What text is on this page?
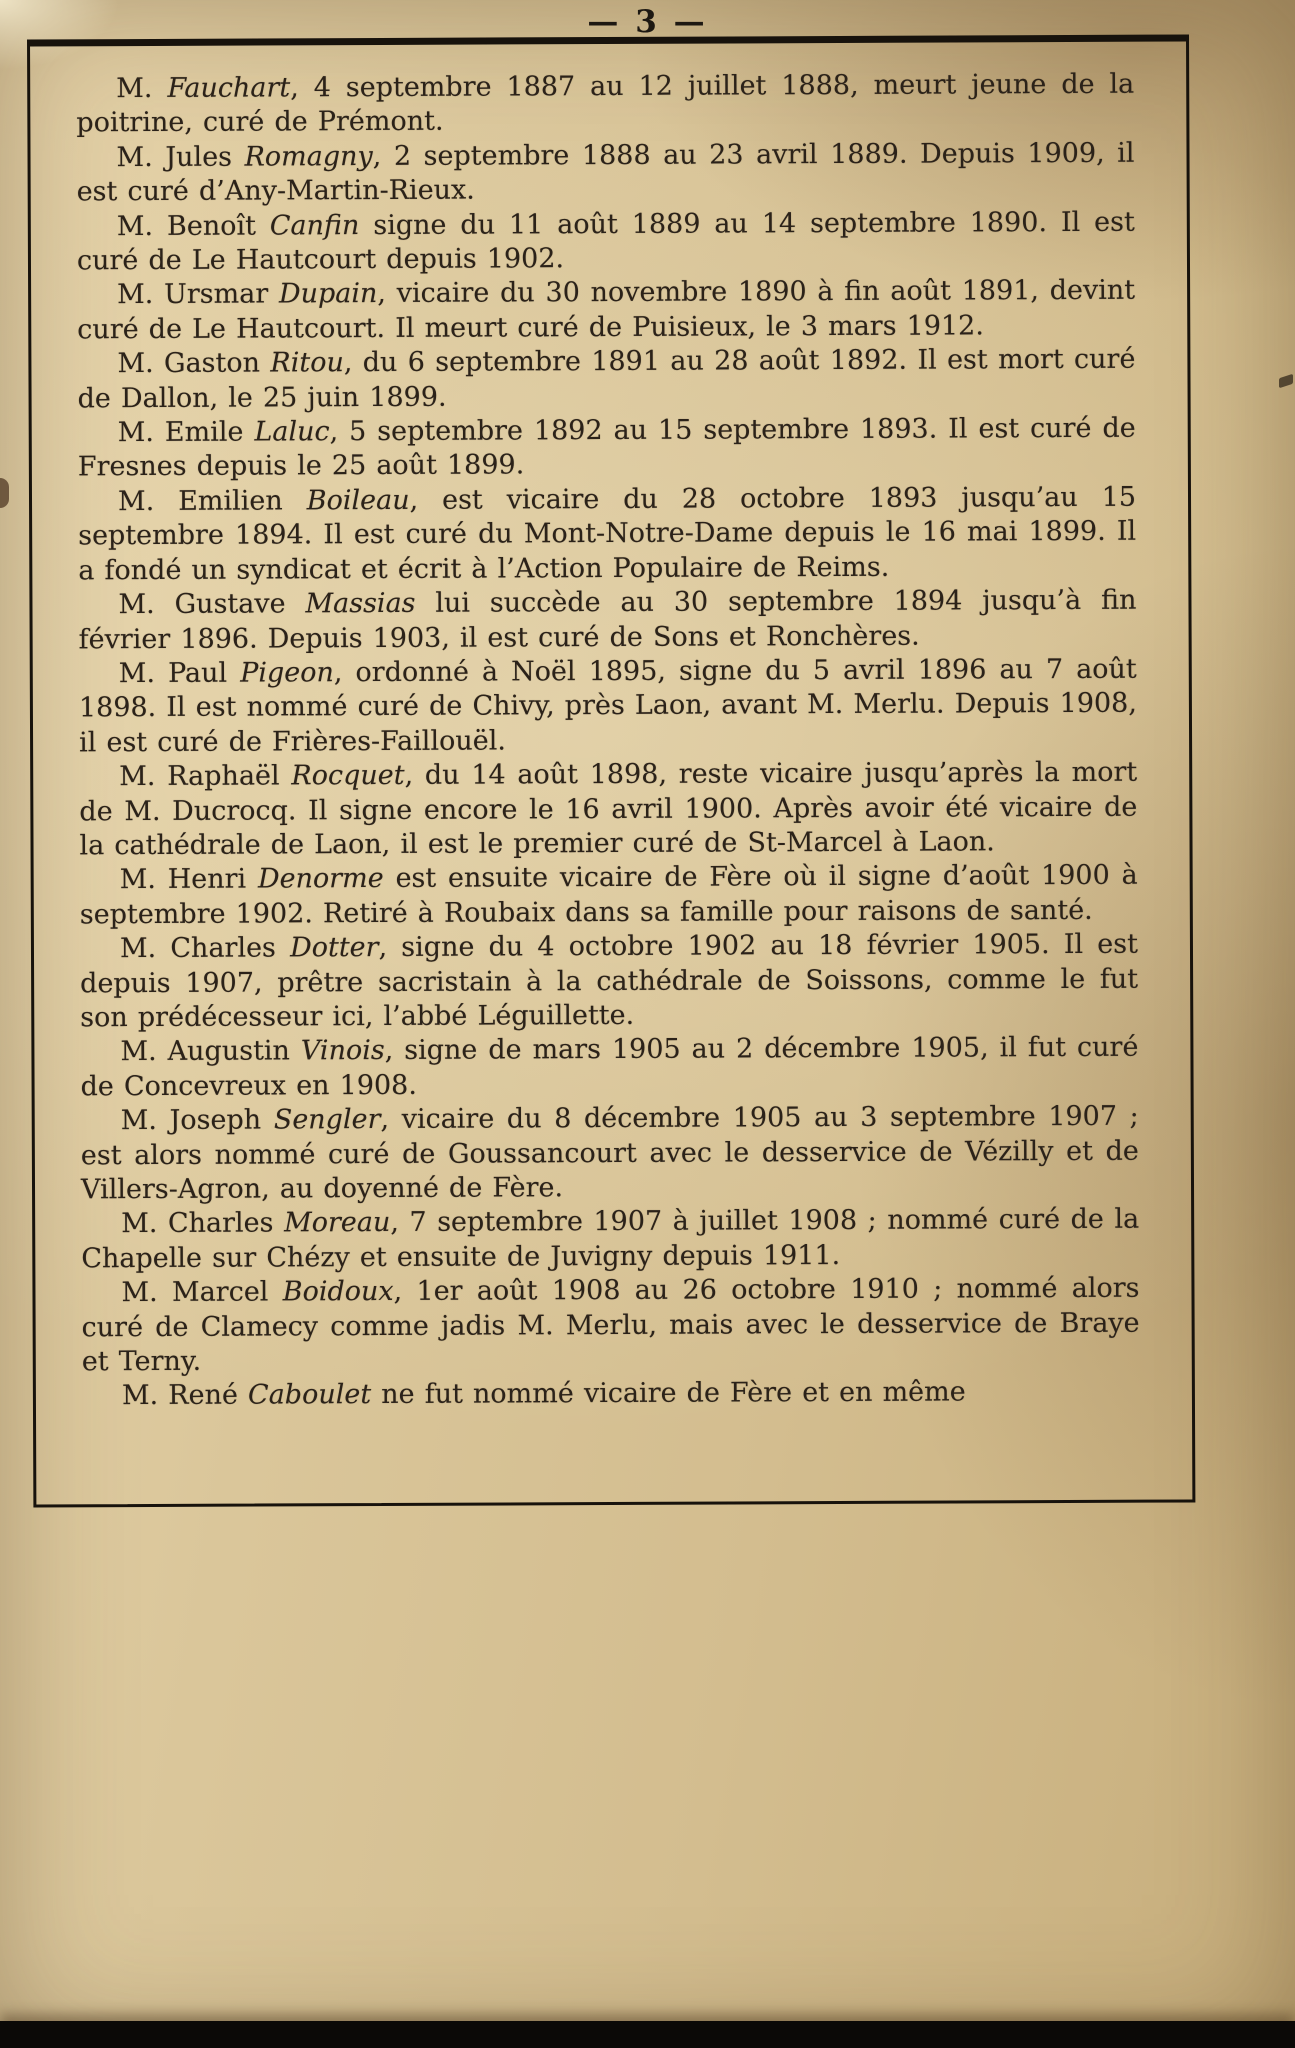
— 3 —

M. Fauchart, 4 septembre 1887 au 12 juillet 1888, meurt jeune de la poitrine, curé de Prémont.

M. Jules Romagny, 2 septembre 1888 au 23 avril 1889. Depuis 1909, il est curé d’Any-Martin-Rieux.

M. Benoît Canfin signe du 11 août 1889 au 14 septembre 1890. Il est curé de Le Hautcourt depuis 1902.

M. Ursmar Dupain, vicaire du 30 novembre 1890 à fin août 1891, devint curé de Le Hautcourt. Il meurt curé de Puisieux, le 3 mars 1912.

M. Gaston Ritou, du 6 septembre 1891 au 28 août 1892. Il est mort curé de Dallon, le 25 juin 1899.

M. Emile Laluc, 5 septembre 1892 au 15 septembre 1893. Il est curé de Fresnes depuis le 25 août 1899.

M. Emilien Boileau, est vicaire du 28 octobre 1893 jusqu’au 15 septembre 1894. Il est curé du Mont-Notre-Dame depuis le 16 mai 1899. Il a fondé un syndicat et écrit à l’Action Populaire de Reims.

M. Gustave Massias lui succède au 30 septembre 1894 jusqu’à fin février 1896. Depuis 1903, il est curé de Sons et Ronchères.

M. Paul Pigeon, ordonné à Noël 1895, signe du 5 avril 1896 au 7 août 1898. Il est nommé curé de Chivy, près Laon, avant M. Merlu. Depuis 1908, il est curé de Frières-Faillouël.

M. Raphaël Rocquet, du 14 août 1898, reste vicaire jusqu’après la mort de M. Ducrocq. Il signe encore le 16 avril 1900. Après avoir été vicaire de la cathédrale de Laon, il est le premier curé de St-Marcel à Laon.

M. Henri Denorme est ensuite vicaire de Fère où il signe d’août 1900 à septembre 1902. Retiré à Roubaix dans sa famille pour raisons de santé.

M. Charles Dotter, signe du 4 octobre 1902 au 18 février 1905. Il est depuis 1907, prêtre sacristain à la cathédrale de Soissons, comme le fut son prédécesseur ici, l’abbé Léguillette.

M. Augustin Vinois, signe de mars 1905 au 2 décembre 1905, il fut curé de Concevreux en 1908.

M. Joseph Sengler, vicaire du 8 décembre 1905 au 3 septembre 1907 ; est alors nommé curé de Goussancourt avec le desservice de Vézilly et de Villers-Agron, au doyenné de Fère.

M. Charles Moreau, 7 septembre 1907 à juillet 1908 ; nommé curé de la Chapelle sur Chézy et ensuite de Juvigny depuis 1911.

M. Marcel Boidoux, 1er août 1908 au 26 octobre 1910 ; nommé alors curé de Clamecy comme jadis M. Merlu, mais avec le desservice de Braye et Terny.

M. René Caboulet ne fut nommé vicaire de Fère et en même
